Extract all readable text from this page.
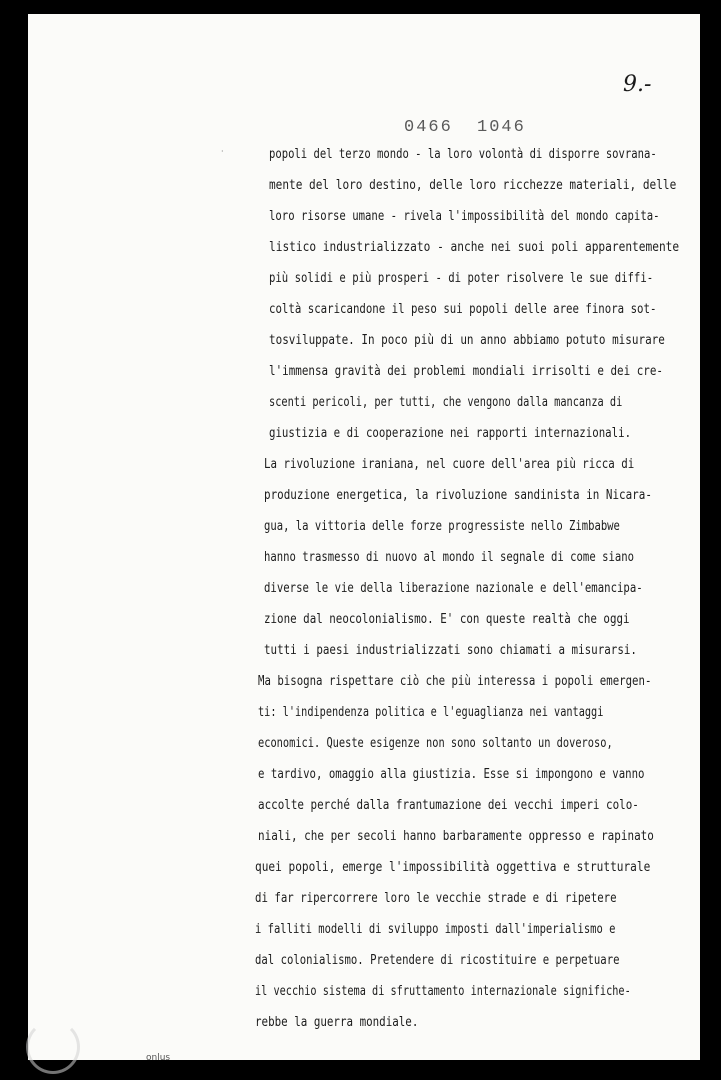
9.-
0466 1046
·	popoli del terzo mondo - la loro volontà di disporre sovrana-
mente del loro destino, delle loro ricchezze materiali, delle
loro risorse umane - rivela l'impossibilità del mondo capita-
listico industrializzato - anche nei suoi poli apparentemente
più solidi e più prosperi - di poter risolvere le sue diffi-
coltà scaricandone il peso sui popoli delle aree finora sot-
tosviluppate. In poco più di un anno abbiamo potuto misurare
l'immensa gravità dei problemi mondiali irrisolti e dei cre-
scenti pericoli, per tutti, che vengono dalla mancanza di
giustizia e di cooperazione nei rapporti internazionali.
La rivoluzione iraniana, nel cuore dell'area più ricca di
produzione energetica, la rivoluzione sandinista in Nicara-
gua, la vittoria delle forze progressiste nello Zimbabwe
hanno trasmesso di nuovo al mondo il segnale di come siano
diverse le vie della liberazione nazionale e dell'emancipa-
zione dal neocolonialismo. E' con queste realtà che oggi
tutti i paesi industrializzati sono chiamati a misurarsi.
Ma bisogna rispettare ciò che più interessa i popoli emergen-
ti: l'indipendenza politica e l'eguaglianza nei vantaggi
economici. Queste esigenze non sono soltanto un doveroso,
e tardivo, omaggio alla giustizia. Esse si impongono e vanno
accolte perché dalla frantumazione dei vecchi imperi colo-
niali, che per secoli hanno barbaramente oppresso e rapinato
quei popoli, emerge l'impossibilità oggettiva e strutturale
di far ripercorrere loro le vecchie strade e di ripetere
i falliti modelli di sviluppo imposti dall'imperialismo e
dal colonialismo. Pretendere di ricostituire e perpetuare
il vecchio sistema di sfruttamento internazionale significhe-
rebbe la guerra mondiale.
onlus
